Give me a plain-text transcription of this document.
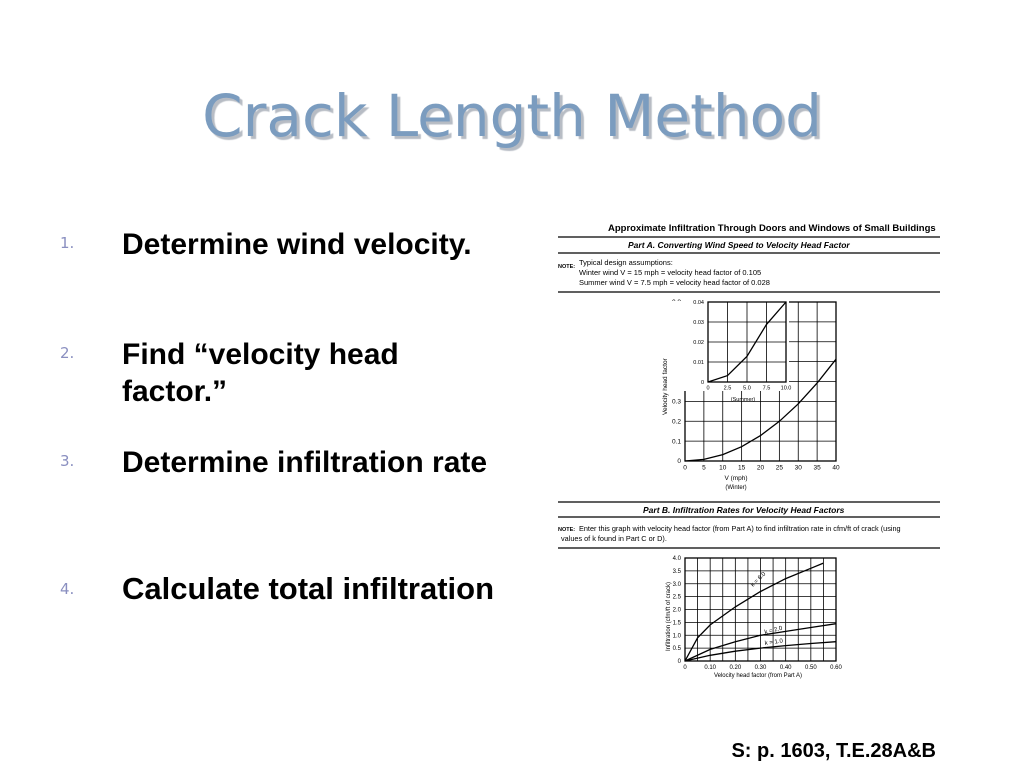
Crack Length Method
1. Determine wind velocity.
2. Find “velocity head factor.”
3. Determine infiltration rate
4. Calculate total infiltration
Approximate Infiltration Through Doors and Windows of Small Buildings
Part A. Converting Wind Speed to Velocity Head Factor
NOTE: Typical design assumptions:
Winter wind V = 15 mph = velocity head factor of 0.105
Summer wind V = 7.5 mph = velocity head factor of 0.028
0 5 10 15 20 25 30 35 40
0
0.1
0.2
0.3
Velocity head factor
V (mph)
(Winter)
0	2.5 5.0 7.5 10.0
0
0.01
0.02
0.03
0.04
(Summer)
Part B. Infiltration Rates for Velocity Head Factors
NOTE: Enter this graph with velocity head factor (from Part A) to find infiltration rate in cfm/ft of crack (using
values of k found in Part C or D).
0	0.10 0.20 0.30 0.40 0.50 0.60
0
0.5
1.0
1.5
2.0
2.5
3.0
3.5
4.0
k = 6.0
k = 2.0
k = 1.0
Infiltration (cfm/ft of crack)
Velocity head factor (from Part A)
S: p. 1603, T.E.28A&B
